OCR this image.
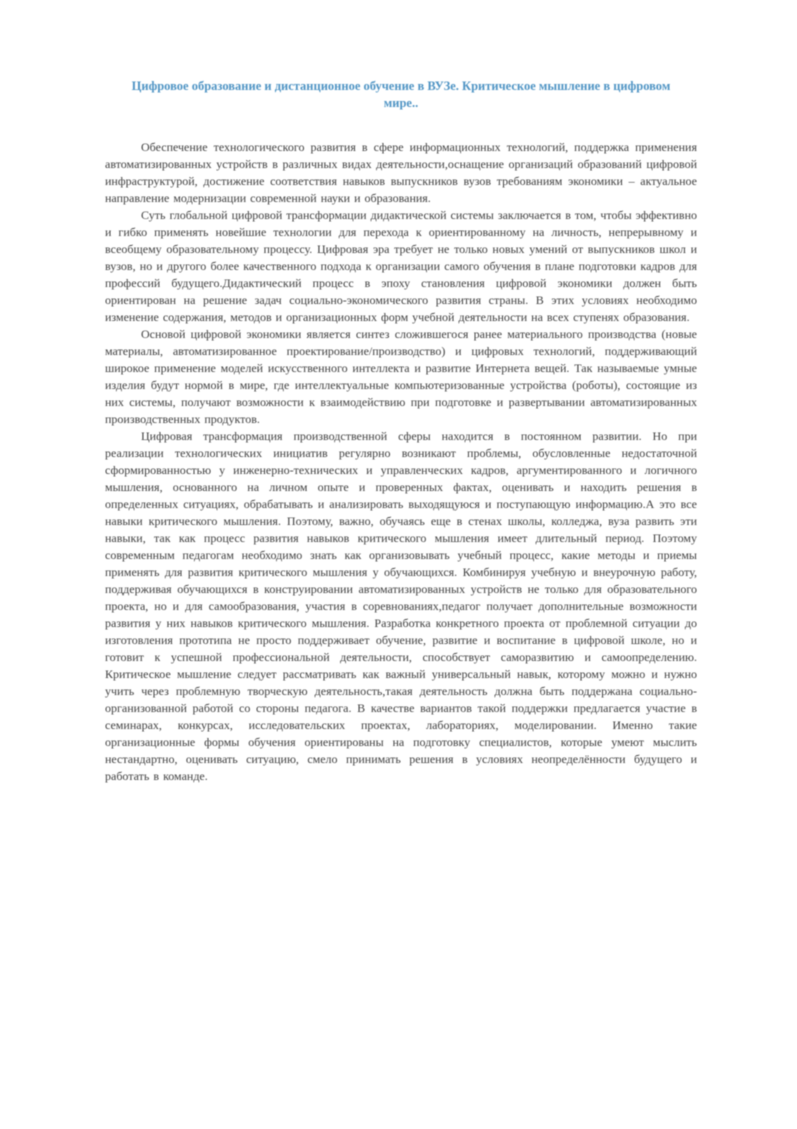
Цифровое образование и дистанционное обучение в ВУЗе. Критическое мышление в цифровом мире..

Обеспечение технологического развития в сфере информационных технологий, поддержка применения автоматизированных устройств в различных видах деятельности,оснащение организаций образований цифровой инфраструктурой, достижение соответствия навыков выпускников вузов требованиям экономики – актуальное направление модернизации современной науки и образования.

Суть глобальной цифровой трансформации дидактической системы заключается в том, чтобы эффективно и гибко применять новейшие технологии для перехода к ориентированному на личность, непрерывному и всеобщему образовательному процессу. Цифровая эра требует не только новых умений от выпускников школ и вузов, но и другого более качественного подхода к организации самого обучения в плане подготовки кадров для профессий будущего.Дидактический процесс в эпоху становления цифровой экономики должен быть ориентирован на решение задач социально-экономического развития страны. В этих условиях необходимо изменение содержания, методов и организационных форм учебной деятельности на всех ступенях образования.

Основой цифровой экономики является синтез сложившегося ранее материального производства (новые материалы, автоматизированное проектирование/производство) и цифровых технологий, поддерживающий широкое применение моделей искусственного интеллекта и развитие Интернета вещей. Так называемые умные изделия будут нормой в мире, где интеллектуальные компьютеризованные устройства (роботы), состоящие из них системы, получают возможности к взаимодействию при подготовке и развертывании автоматизированных производственных продуктов.

Цифровая трансформация производственной сферы находится в постоянном развитии. Но при реализации технологических инициатив регулярно возникают проблемы, обусловленные недостаточной сформированностью у инженерно-технических и управленческих кадров, аргументированного и логичного мышления, основанного на личном опыте и проверенных фактах, оценивать и находить решения в определенных ситуациях, обрабатывать и анализировать выходящуюся и поступающую информацию.А это все навыки критического мышления. Поэтому, важно, обучаясь еще в стенах школы, колледжа, вуза развить эти навыки, так как процесс развития навыков критического мышления имеет длительный период. Поэтому современным педагогам необходимо знать как организовывать учебный процесс, какие методы и приемы применять для развития критического мышления у обучающихся. Комбинируя учебную и внеурочную работу, поддерживая обучающихся в конструировании автоматизированных устройств не только для образовательного проекта, но и для самообразования, участия в соревнованиях,педагог получает дополнительные возможности развития у них навыков критического мышления. Разработка конкретного проекта от проблемной ситуации до изготовления прототипа не просто поддерживает обучение, развитие и воспитание в цифровой школе, но и готовит к успешной профессиональной деятельности, способствует саморазвитию и самоопределению. Критическое мышление следует рассматривать как важный универсальный навык, которому можно и нужно учить через проблемную творческую деятельность,такая деятельность должна быть поддержана социально-организованной работой со стороны педагога. В качестве вариантов такой поддержки предлагается участие в семинарах, конкурсах, исследовательских проектах, лабораториях, моделировании. Именно такие организационные формы обучения ориентированы на подготовку специалистов, которые умеют мыслить нестандартно, оценивать ситуацию, смело принимать решения в условиях неопределённости будущего и работать в команде.
